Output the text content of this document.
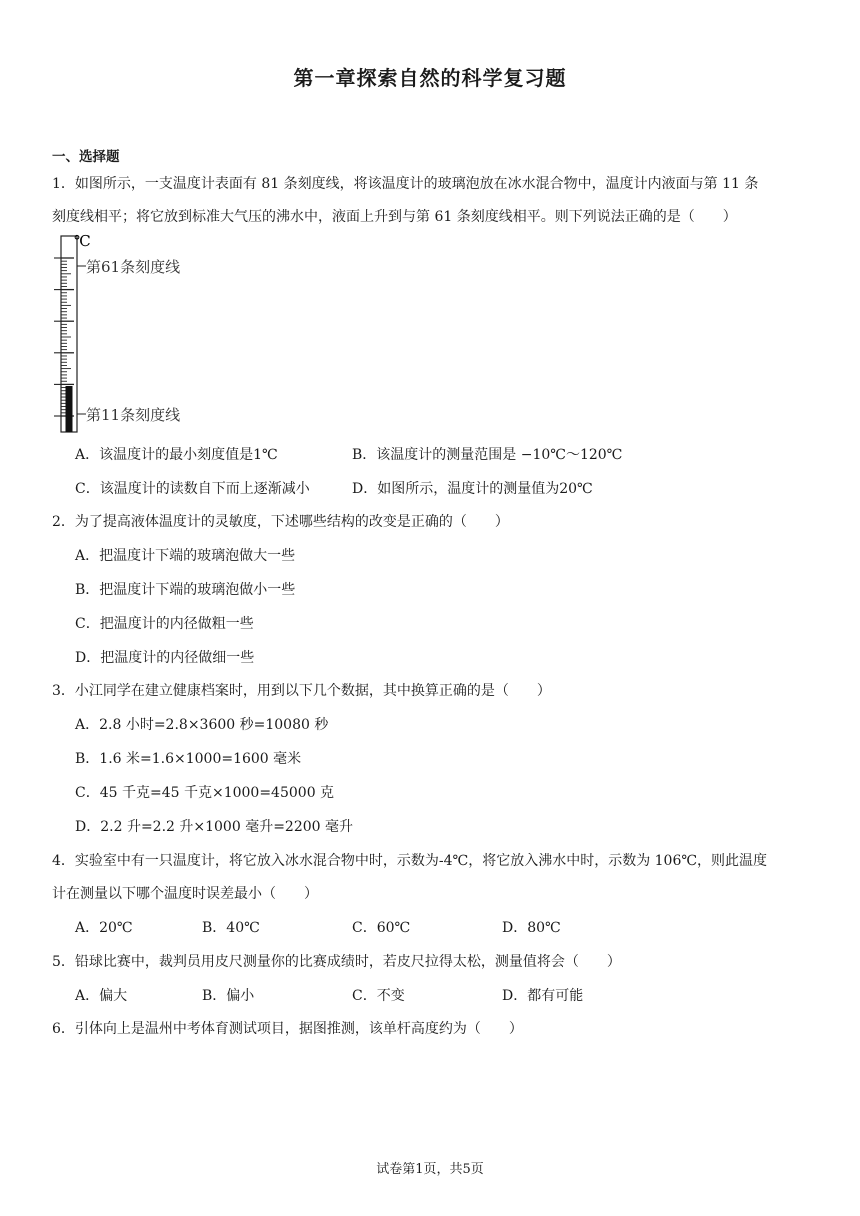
第一章探索自然的科学复习题
一、选择题
1．如图所示，一支温度计表面有 81 条刻度线，将该温度计的玻璃泡放在冰水混合物中，温度计内液面与第 11 条
刻度线相平；将它放到标准大气压的沸水中，液面上升到与第 61 条刻度线相平。则下列说法正确的是（　　）
℃
第61条刻度线
第11条刻度线
A．该温度计的最小刻度值是1℃	B．该温度计的测量范围是 −10℃～120℃
C．该温度计的读数自下而上逐渐减小	D．如图所示，温度计的测量值为20℃
2．为了提高液体温度计的灵敏度，下述哪些结构的改变是正确的（　　）
A．把温度计下端的玻璃泡做大一些
B．把温度计下端的玻璃泡做小一些
C．把温度计的内径做粗一些
D．把温度计的内径做细一些
3．小江同学在建立健康档案时，用到以下几个数据，其中换算正确的是（　　）
A．2.8 小时=2.8×3600 秒=10080 秒
B．1.6 米=1.6×1000=1600 毫米
C．45 千克=45 千克×1000=45000 克
D．2.2 升=2.2 升×1000 毫升=2200 毫升
4．实验室中有一只温度计，将它放入冰水混合物中时，示数为-4℃，将它放入沸水中时，示数为 106℃，则此温度
计在测量以下哪个温度时误差最小（　　）
A．20℃	B．40℃	C．60℃	D．80℃
5．铅球比赛中，裁判员用皮尺测量你的比赛成绩时，若皮尺拉得太松，测量值将会（　　）
A．偏大	B．偏小	C．不变	D．都有可能
6．引体向上是温州中考体育测试项目，据图推测，该单杆高度约为（　　）
试卷第1页，共5页
